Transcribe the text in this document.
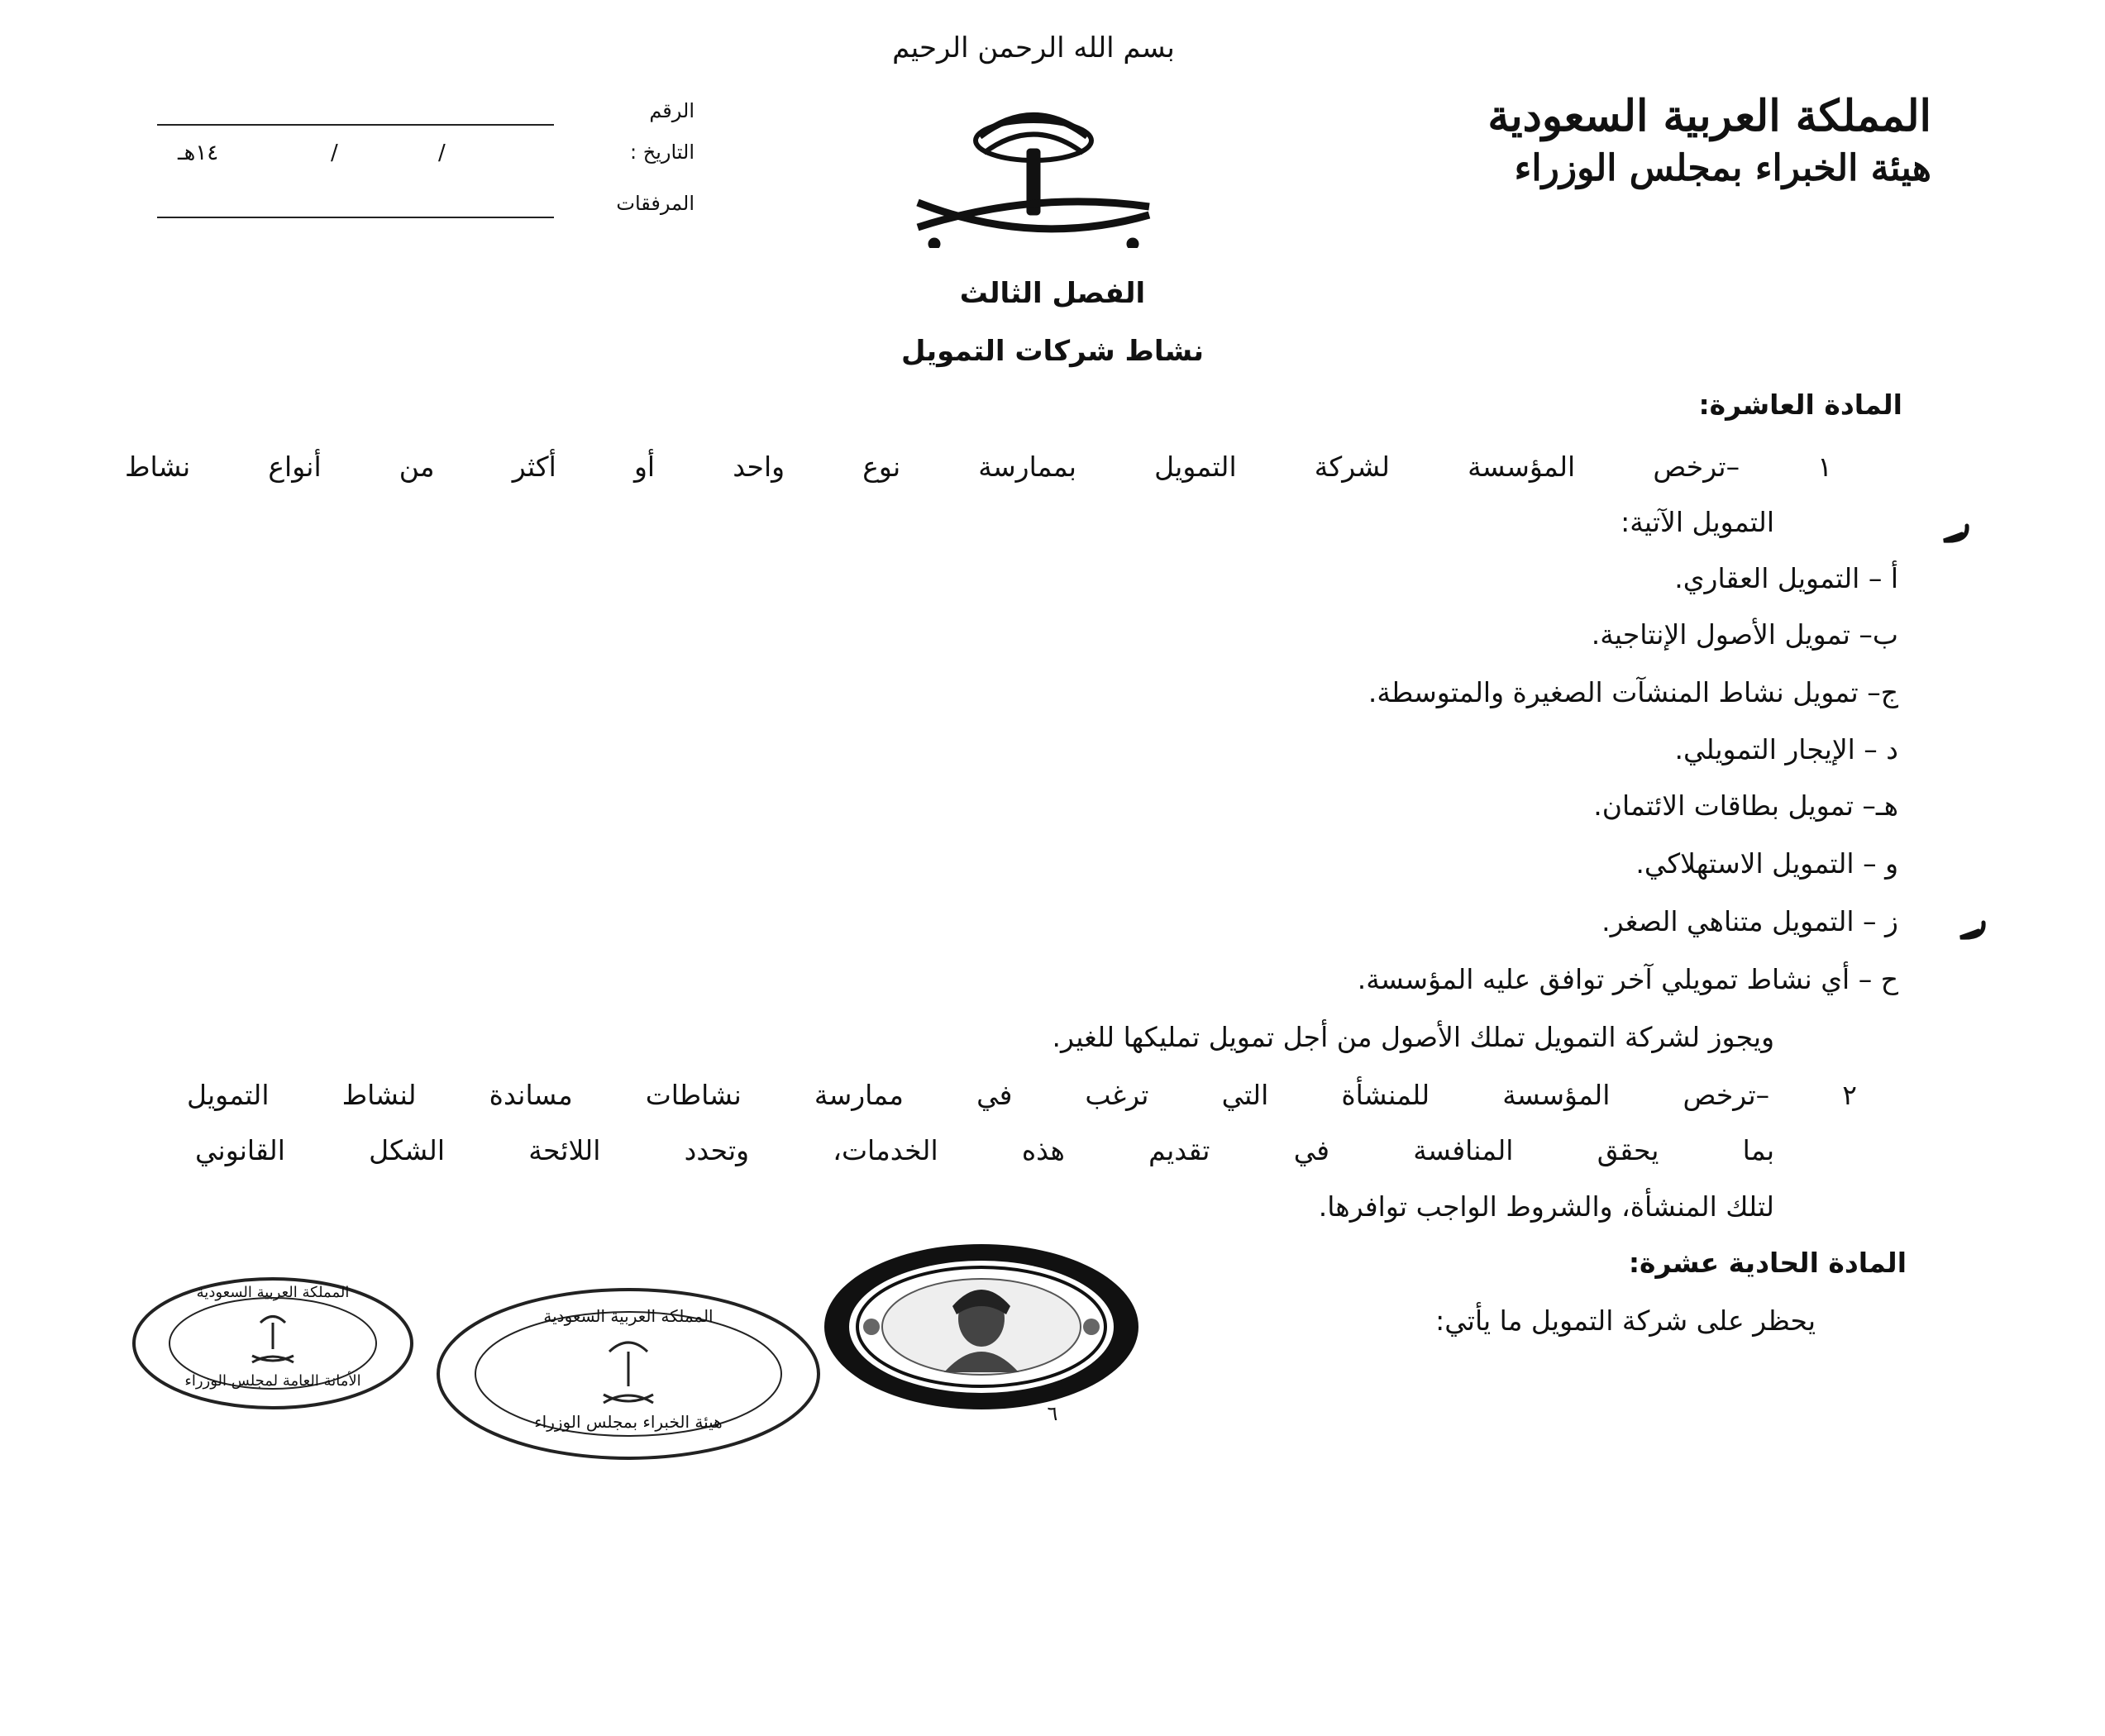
بسم الله الرحمن الرحيم
المملكة العربية السعودية
هيئة الخبراء بمجلس الوزراء
الرقم
التاريخ :
/
/
١٤هـ
المرفقات
الفصل الثالث
نشاط شركات التمويل
المادة العاشرة:
١ –ترخص المؤسسة لشركة التمويل بممارسة نوع واحد أو أكثر من أنواع نشاط
التمويل الآتية:
أ – التمويل العقاري.
ب– تمويل الأصول الإنتاجية.
ج– تمويل نشاط المنشآت الصغيرة والمتوسطة.
د – الإيجار التمويلي.
هـ– تمويل بطاقات الائتمان.
و – التمويل الاستهلاكي.
ز – التمويل متناهي الصغر.
ح – أي نشاط تمويلي آخر توافق عليه المؤسسة.
ويجوز لشركة التمويل تملك الأصول من أجل تمويل تمليكها للغير.
٢ –ترخص المؤسسة للمنشأة التي ترغب في ممارسة نشاطات مساندة لنشاط التمويل
بما يحقق المنافسة في تقديم هذه الخدمات، وتحدد اللائحة الشكل القانوني
لتلك المنشأة، والشروط الواجب توافرها.
المادة الحادية عشرة:
يحظر على شركة التمويل ما يأتي:
المملكة العربية السعودية
الأمانة العامة لمجلس الوزراء
المملكة العربية السعودية
هيئة الخبراء بمجلس الوزراء	٦
